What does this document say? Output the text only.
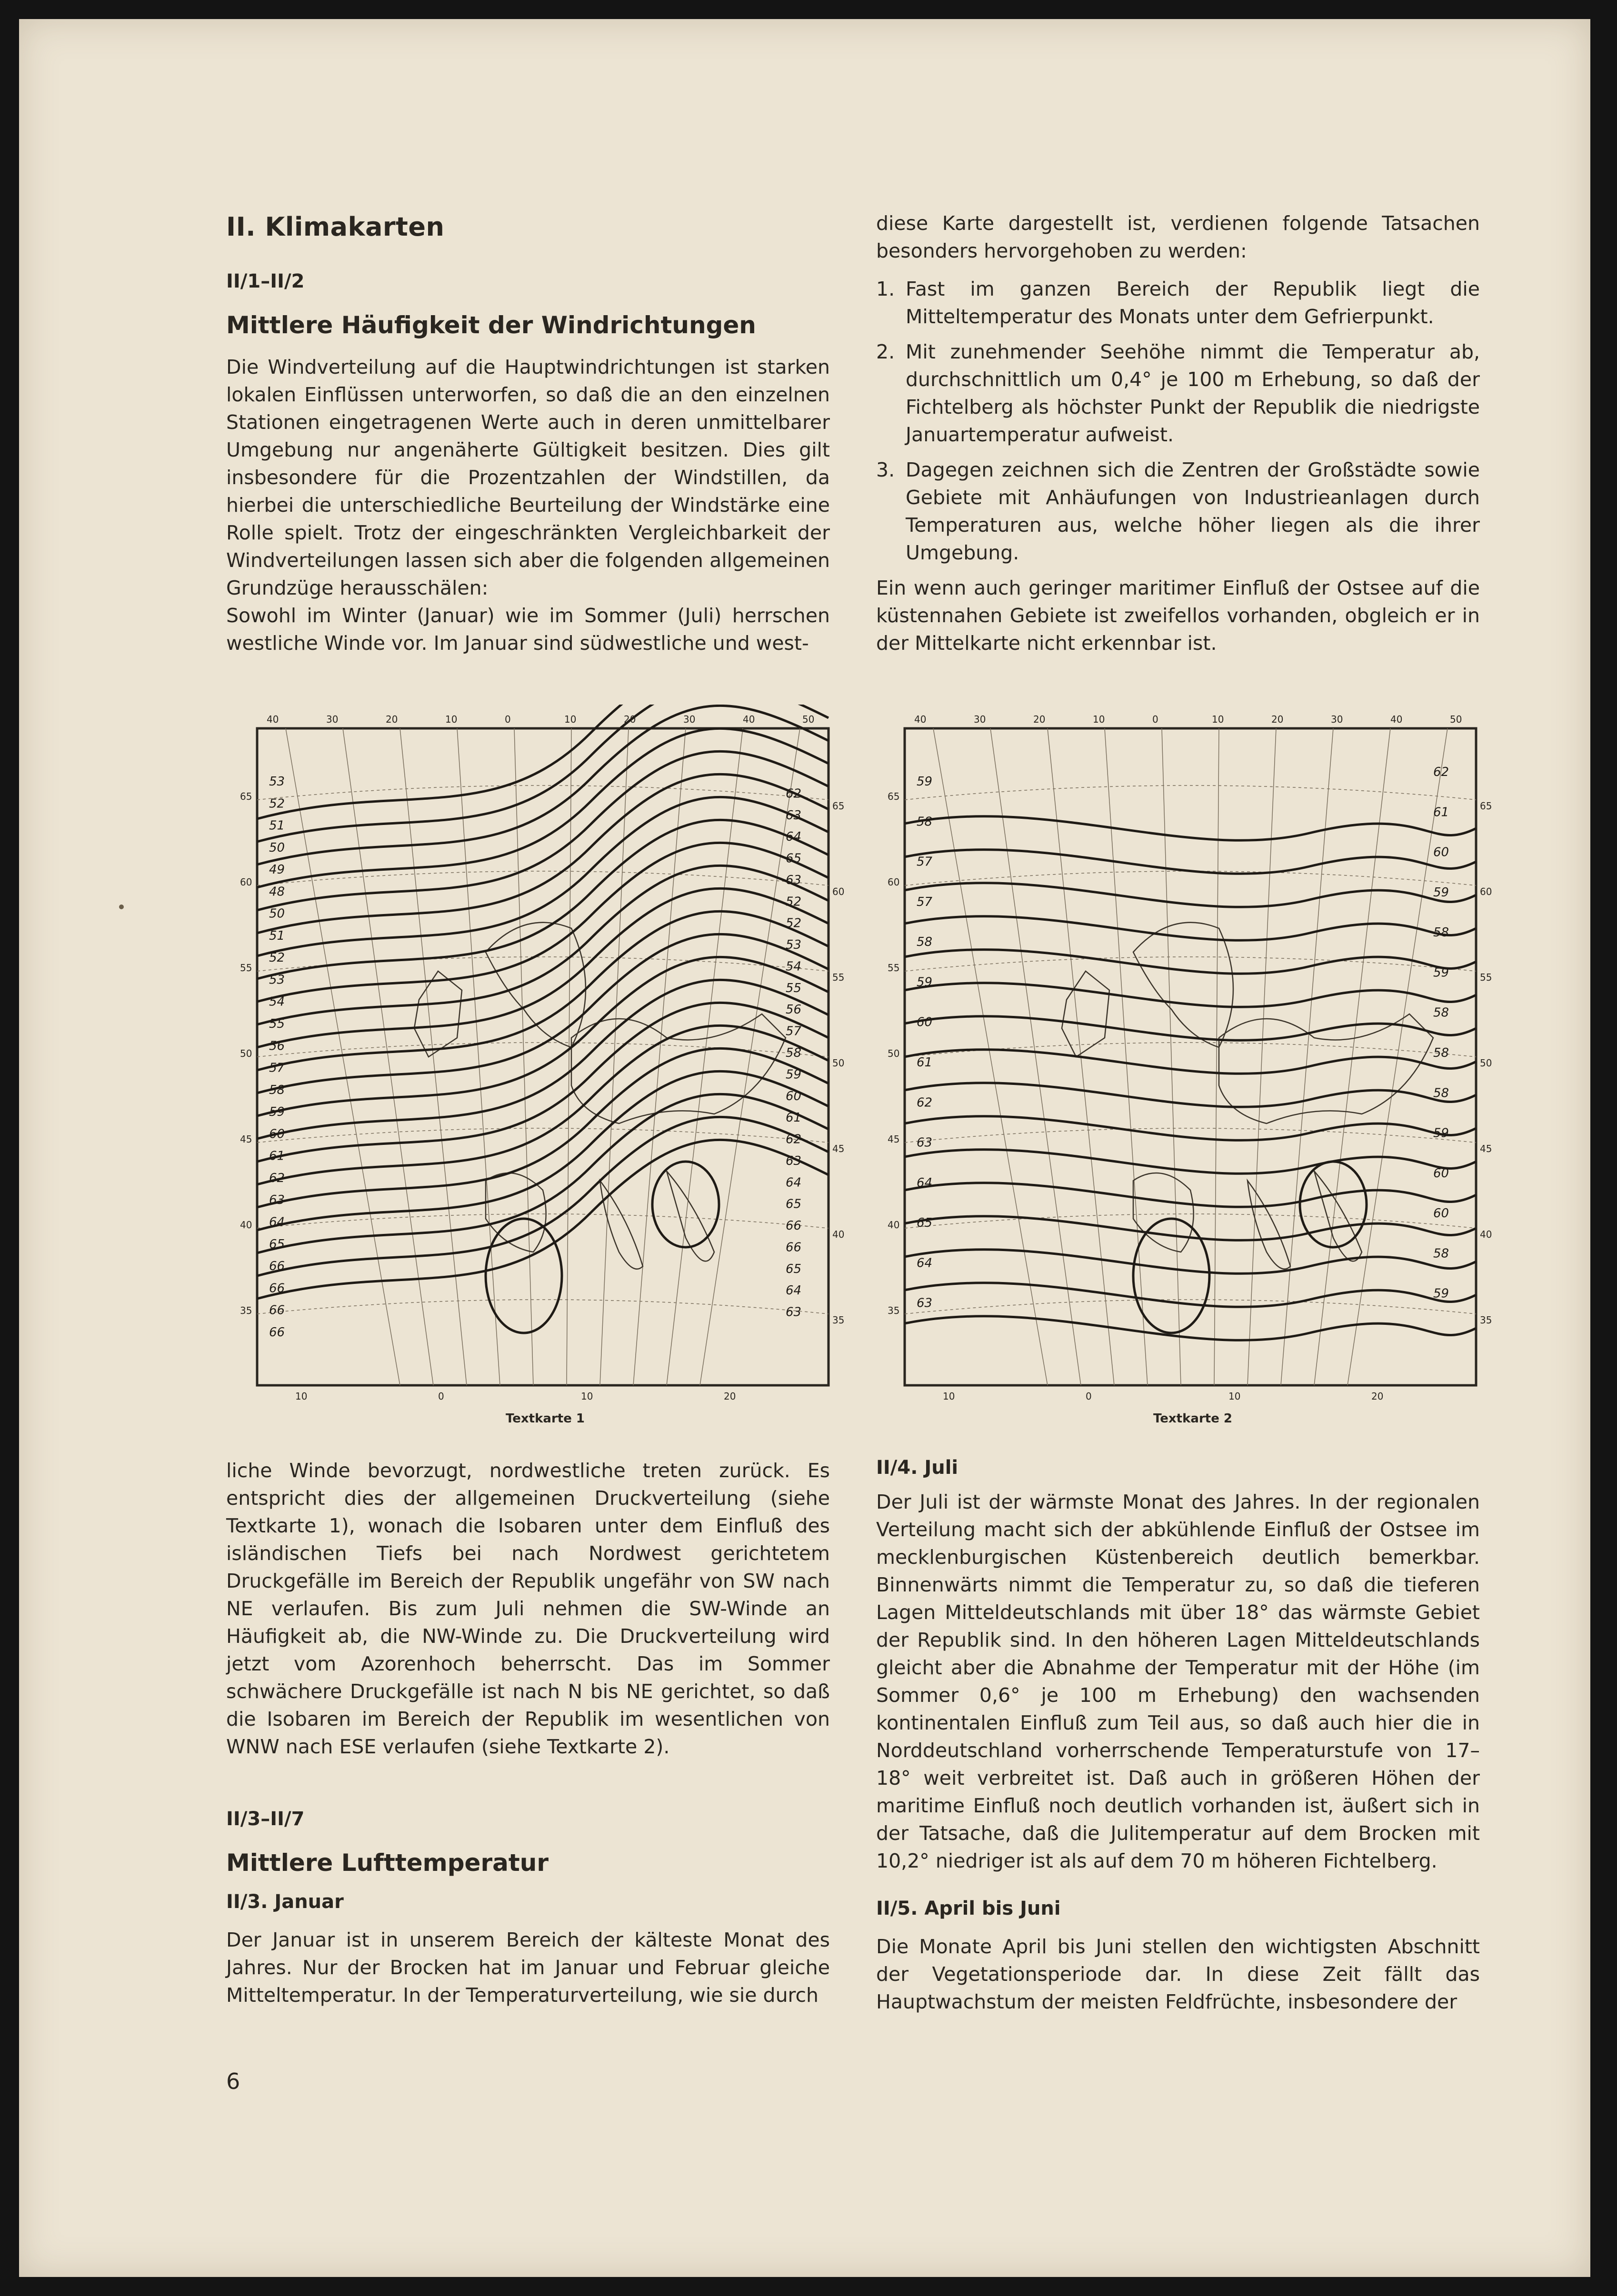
II. Klimakarten
II/1–II/2
Mittlere Häufigkeit der Windrichtungen

Die Windverteilung auf die Hauptwindrichtungen ist starken lokalen Einflüssen unterworfen, so daß die an den einzelnen Stationen eingetragenen Werte auch in deren unmittelbarer Umgebung nur angenäherte Gültigkeit besitzen. Dies gilt insbesondere für die Prozentzahlen der Windstillen, da hierbei die unterschiedliche Beurteilung der Windstärke eine Rolle spielt. Trotz der eingeschränkten Vergleichbarkeit der Windverteilungen lassen sich aber die folgenden allgemeinen Grundzüge herausschälen:

Sowohl im Winter (Januar) wie im Sommer (Juli) herrschen westliche Winde vor. Im Januar sind südwestliche und west-

diese Karte dargestellt ist, verdienen folgende Tatsachen besonders hervorgehoben zu werden:

1. Fast im ganzen Bereich der Republik liegt die Mitteltemperatur des Monats unter dem Gefrierpunkt.
2. Mit zunehmender Seehöhe nimmt die Temperatur ab, durchschnittlich um 0,4° je 100 m Erhebung, so daß der Fichtelberg als höchster Punkt der Republik die niedrigste Januartemperatur aufweist.
3. Dagegen zeichnen sich die Zentren der Großstädte sowie Gebiete mit Anhäufungen von Industrieanlagen durch Temperaturen aus, welche höher liegen als die ihrer Umgebung.

Ein wenn auch geringer maritimer Einfluß der Ostsee auf die küstennahen Gebiete ist zweifellos vorhanden, obgleich er in der Mittelkarte nicht erkennbar ist.

53
52
51
50
49
48
50
51
52
53
54
55
56
57
58
59
60
61
62
63
64
65
66
66
66
66
62
63
64
65
63
52
52
53
54
55
56
57
58
59
60
61
62
63
64
65
66
66
65
64
63
40	30	20	10	0	10	20	30	40	50
10	0	10	20
65
60
55
50
45
40
35
65
60
55
50
45
40
35
Textkarte 1
59
58
57
57
58
59
60
61
62
63
64
65
64
63
62
61
60
59
58
59
58
58
58
59
60
60
58
59
40	30	20	10	0	10	20	30	40	50
10	0	10	20
65
60
55
50
45
40
35
65
60
55
50
45
40
35
Textkarte 2

liche Winde bevorzugt, nordwestliche treten zurück. Es entspricht dies der allgemeinen Druckverteilung (siehe Textkarte 1), wonach die Isobaren unter dem Einfluß des isländischen Tiefs bei nach Nordwest gerichtetem Druckgefälle im Bereich der Republik ungefähr von SW nach NE verlaufen. Bis zum Juli nehmen die SW-Winde an Häufigkeit ab, die NW-Winde zu. Die Druckverteilung wird jetzt vom Azorenhoch beherrscht. Das im Sommer schwächere Druckgefälle ist nach N bis NE gerichtet, so daß die Isobaren im Bereich der Republik im wesentlichen von WNW nach ESE verlaufen (siehe Textkarte 2).

II/3–II/7
Mittlere Lufttemperatur
II/3. Januar

Der Januar ist in unserem Bereich der kälteste Monat des Jahres. Nur der Brocken hat im Januar und Februar gleiche Mitteltemperatur. In der Temperaturverteilung, wie sie durch

II/4. Juli

Der Juli ist der wärmste Monat des Jahres. In der regionalen Verteilung macht sich der abkühlende Einfluß der Ostsee im mecklenburgischen Küstenbereich deutlich bemerkbar. Binnenwärts nimmt die Temperatur zu, so daß die tieferen Lagen Mitteldeutschlands mit über 18° das wärmste Gebiet der Republik sind. In den höheren Lagen Mitteldeutschlands gleicht aber die Abnahme der Temperatur mit der Höhe (im Sommer 0,6° je 100 m Erhebung) den wachsenden kontinentalen Einfluß zum Teil aus, so daß auch hier die in Norddeutschland vorherrschende Temperaturstufe von 17–18° weit verbreitet ist. Daß auch in größeren Höhen der maritime Einfluß noch deutlich vorhanden ist, äußert sich in der Tatsache, daß die Julitemperatur auf dem Brocken mit 10,2° niedriger ist als auf dem 70 m höheren Fichtelberg.

II/5. April bis Juni

Die Monate April bis Juni stellen den wichtigsten Abschnitt der Vegetationsperiode dar. In diese Zeit fällt das Hauptwachstum der meisten Feldfrüchte, insbesondere der

6
